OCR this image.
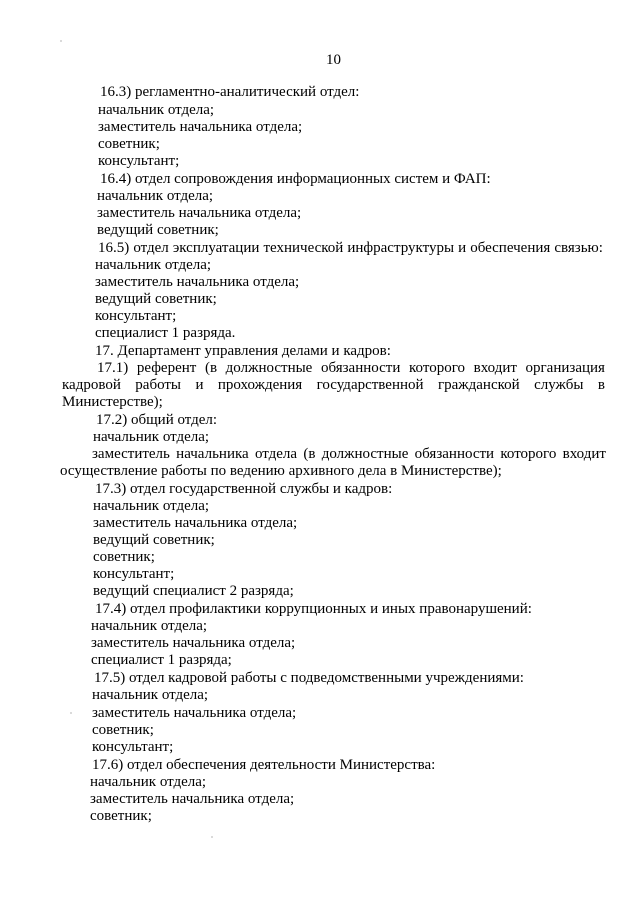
10
16.3) регламентно-аналитический отдел:
начальник отдела;
заместитель начальника отдела;
советник;
консультант;
16.4) отдел сопровождения информационных систем и ФАП:
начальник отдела;
заместитель начальника отдела;
ведущий советник;
16.5) отдел эксплуатации технической инфраструктуры и обеспечения связью:
начальник отдела;
заместитель начальника отдела;
ведущий советник;
консультант;
специалист 1 разряда.
17. Департамент управления делами и кадров:
17.1) референт (в должностные обязанности которого входит организация
кадровой работы и прохождения государственной гражданской службы в
Министерстве);
17.2) общий отдел:
начальник отдела;
заместитель начальника отдела (в должностные обязанности которого входит
осуществление работы по ведению архивного дела в Министерстве);
17.3) отдел государственной службы и кадров:
начальник отдела;
заместитель начальника отдела;
ведущий советник;
советник;
консультант;
ведущий специалист 2 разряда;
17.4) отдел профилактики коррупционных и иных правонарушений:
начальник отдела;
заместитель начальника отдела;
специалист 1 разряда;
17.5) отдел кадровой работы с подведомственными учреждениями:
начальник отдела;
заместитель начальника отдела;
советник;
консультант;
17.6) отдел обеспечения деятельности Министерства:
начальник отдела;
заместитель начальника отдела;
советник;
